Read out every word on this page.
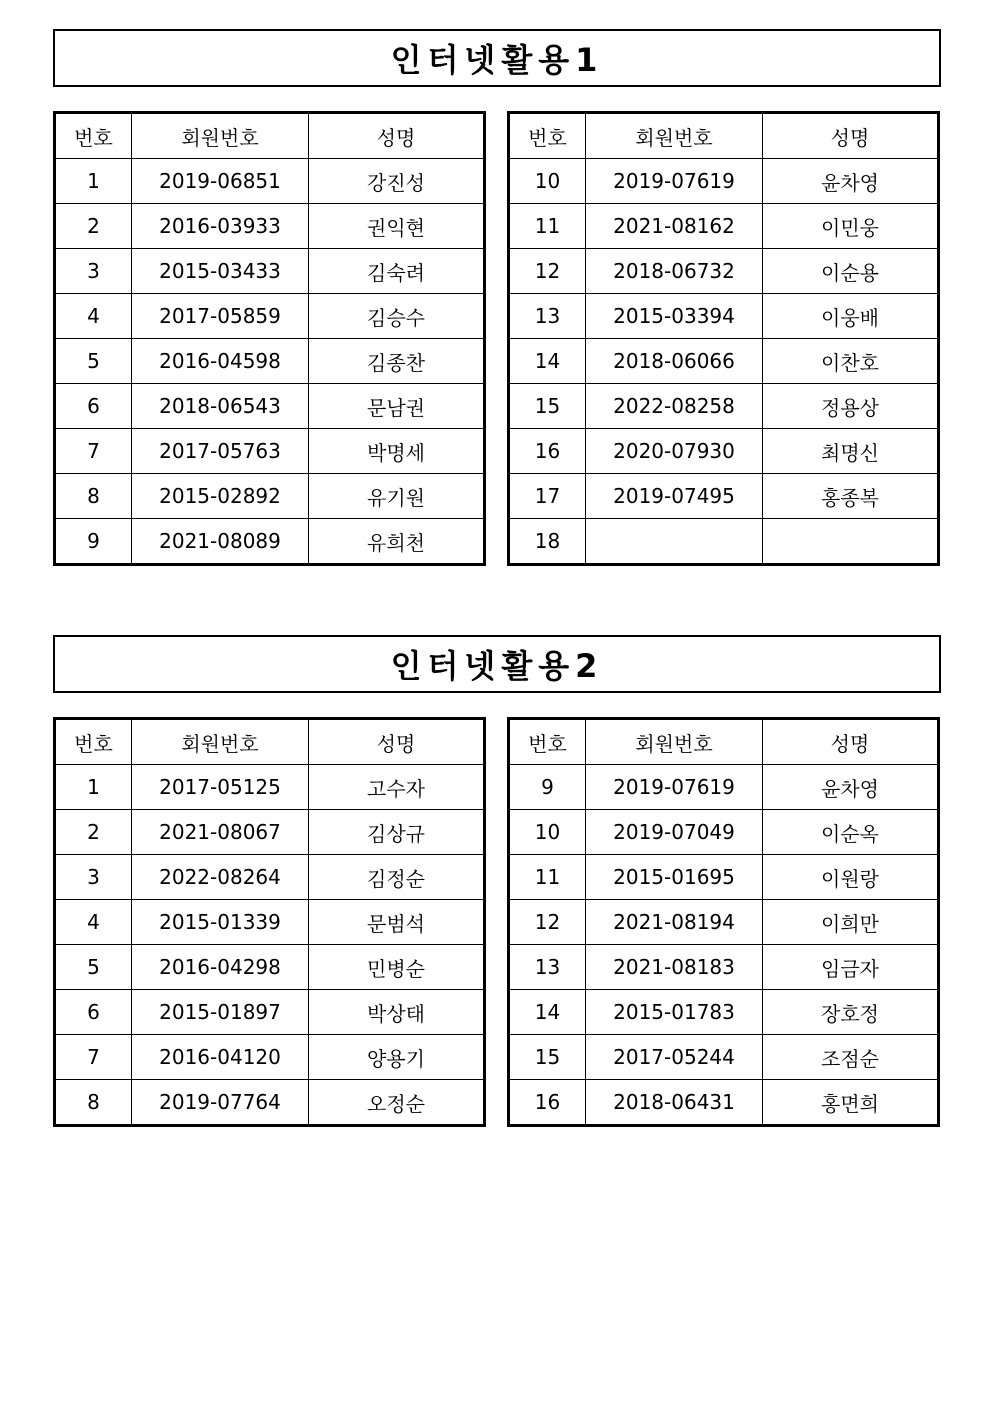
인터넷활용1
번호	회원번호	성명
1	2019-06851	강진성
2	2016-03933	권익현
3	2015-03433	김숙려
4	2017-05859	김승수
5	2016-04598	김종찬
6	2018-06543	문남권
7	2017-05763	박명세
8	2015-02892	유기원
9	2021-08089	유희천
번호	회원번호	성명
10	2019-07619	윤차영
11	2021-08162	이민웅
12	2018-06732	이순용
13	2015-03394	이웅배
14	2018-06066	이찬호
15	2022-08258	정용상
16	2020-07930	최명신
17	2019-07495	홍종복
18		
인터넷활용2
번호	회원번호	성명
1	2017-05125	고수자
2	2021-08067	김상규
3	2022-08264	김정순
4	2015-01339	문범석
5	2016-04298	민병순
6	2015-01897	박상태
7	2016-04120	양용기
8	2019-07764	오정순
번호	회원번호	성명
9	2019-07619	윤차영
10	2019-07049	이순옥
11	2015-01695	이원랑
12	2021-08194	이희만
13	2021-08183	임금자
14	2015-01783	장호정
15	2017-05244	조점순
16	2018-06431	홍면희
